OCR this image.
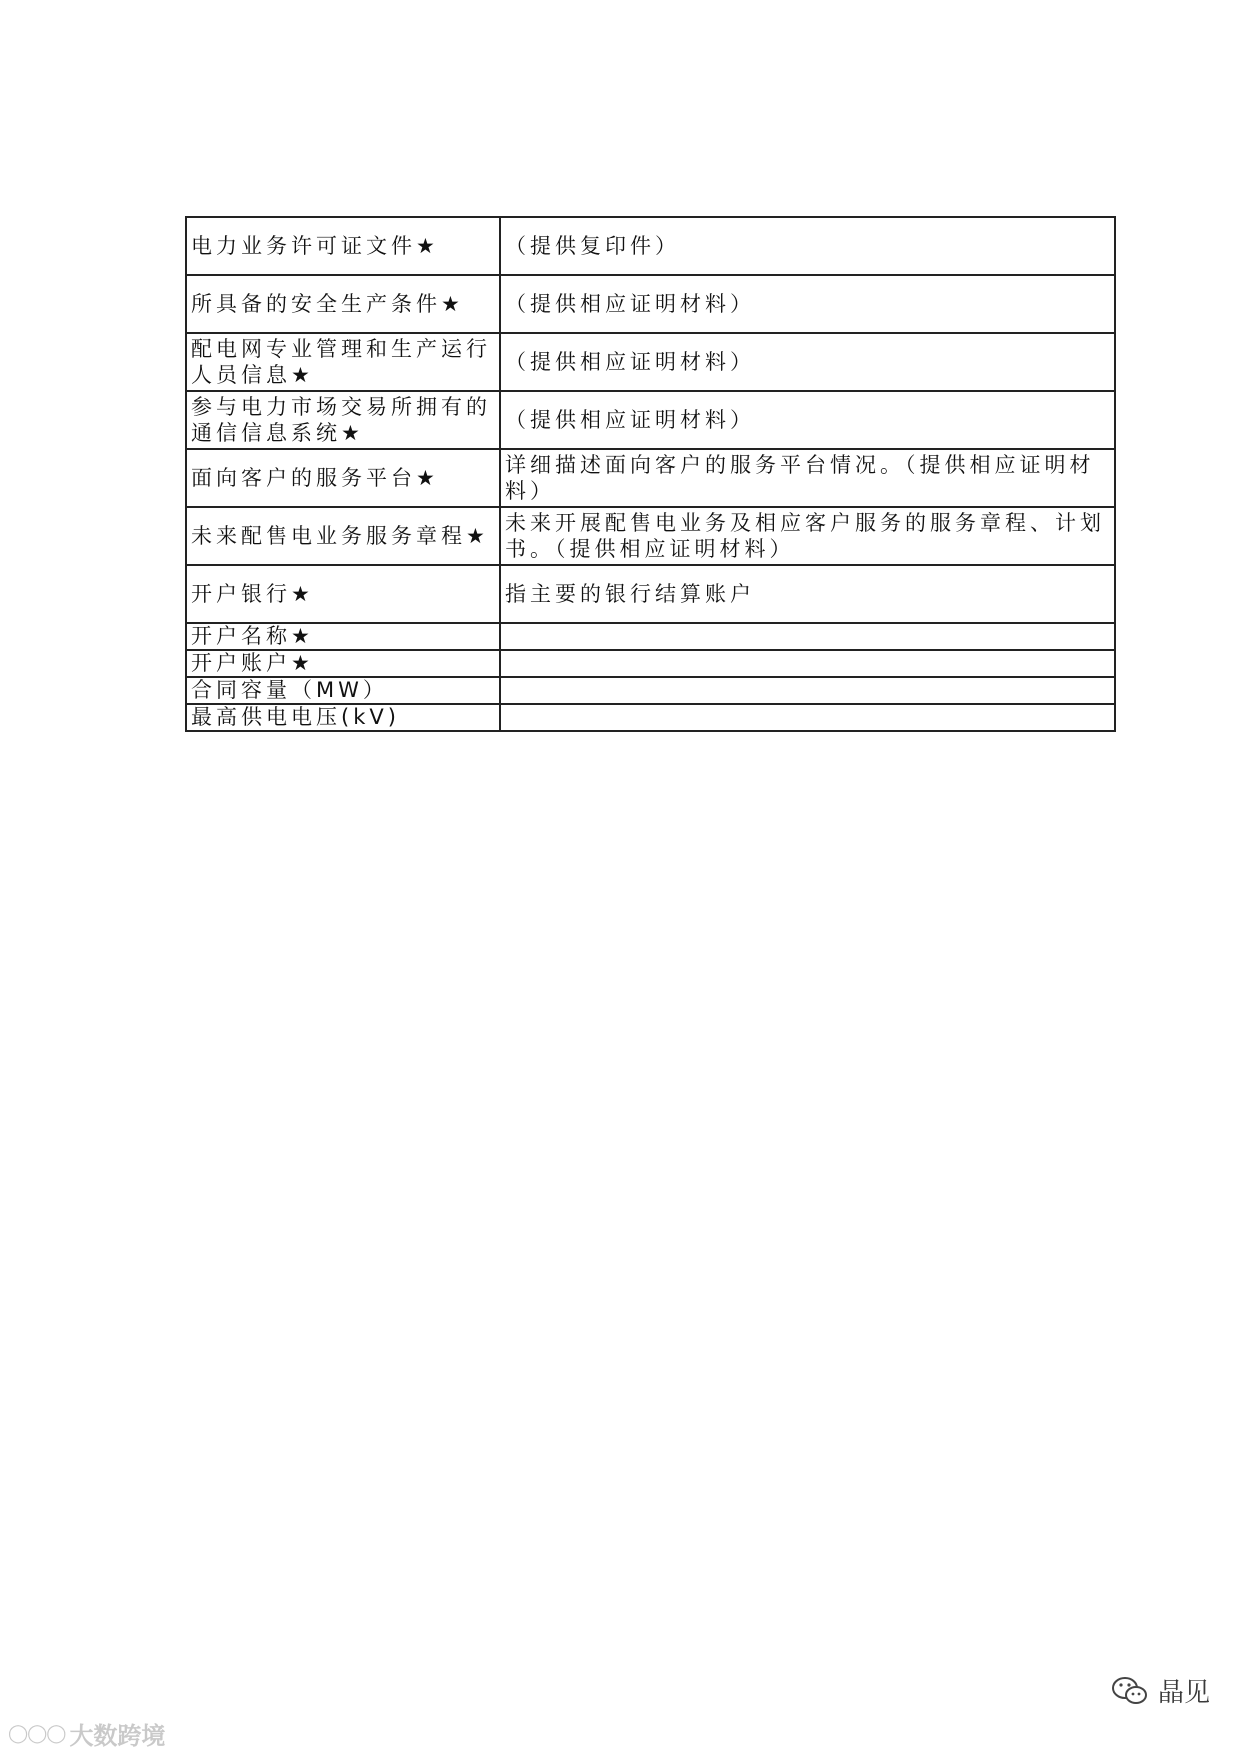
电力业务许可证文件★	（提供复印件）
所具备的安全生产条件★	（提供相应证明材料）
配电网专业管理和生产运行人员信息★	（提供相应证明材料）
参与电力市场交易所拥有的通信信息系统★	（提供相应证明材料）
面向客户的服务平台★	详细描述面向客户的服务平台情况。（提供相应证明材料）
未来配售电业务服务章程★	未来开展配售电业务及相应客户服务的服务章程、计划书。（提供相应证明材料）
开户银行★	指主要的银行结算账户
开户名称★	
开户账户★	
合同容量（MW）	
最高供电电压(kV)	
◯◯◯ 大数跨境
晶见
